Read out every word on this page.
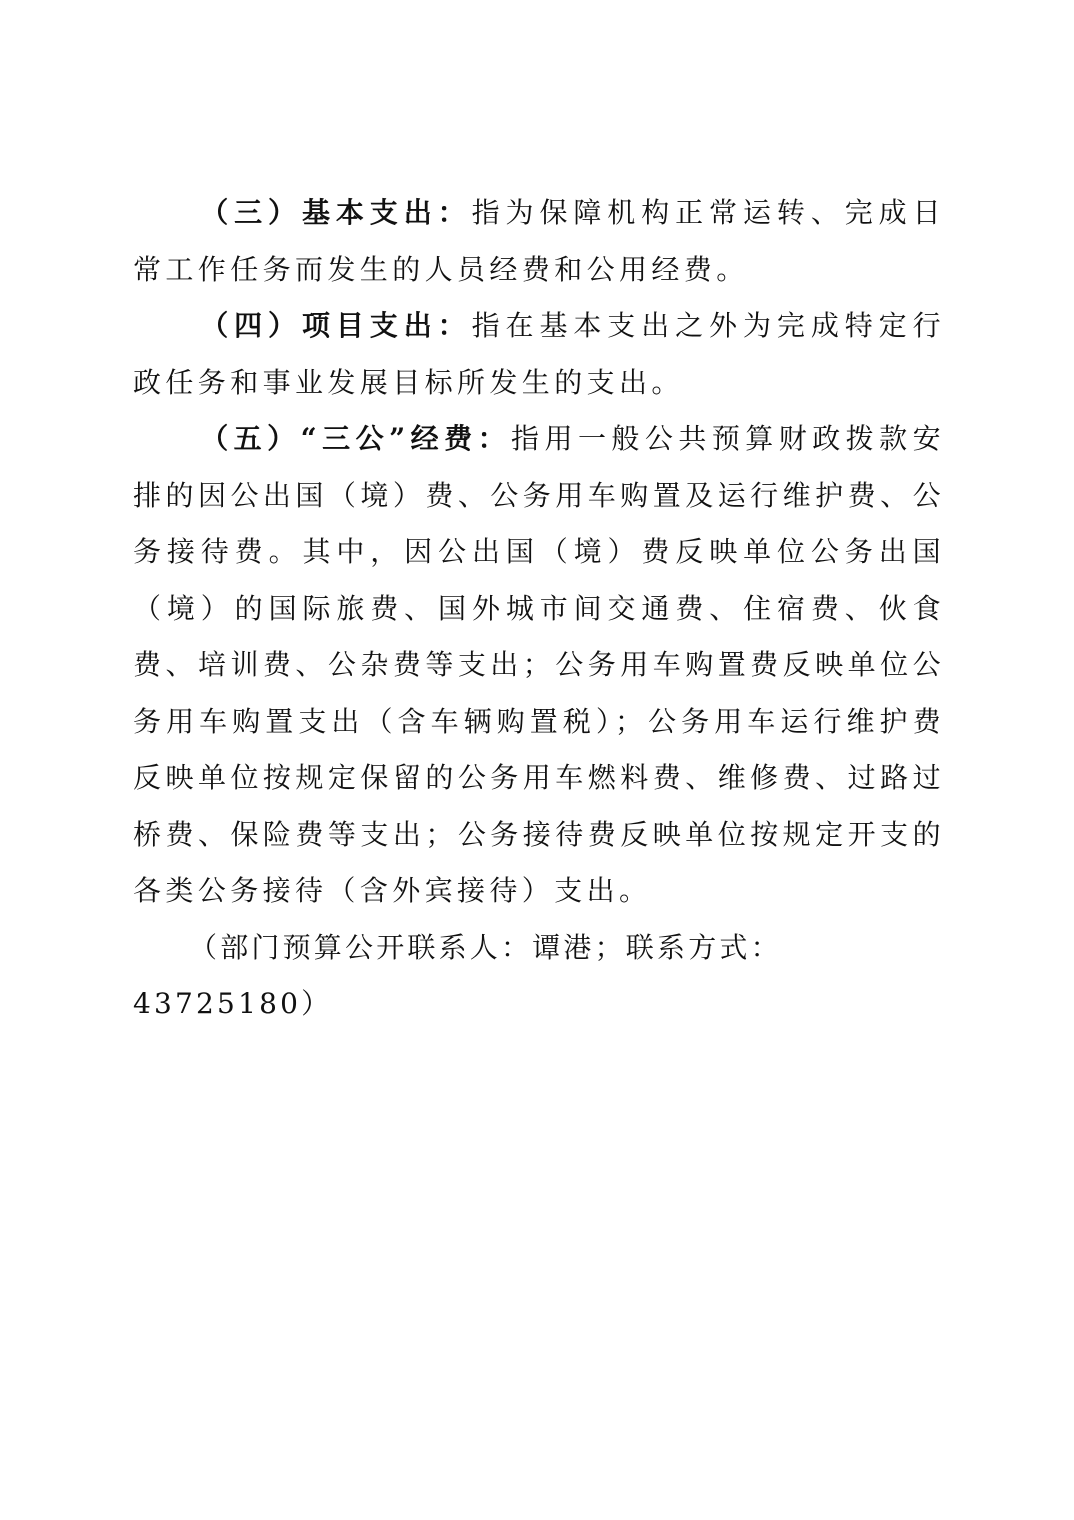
（三）基本支出：指为保障机构正常运转、完成日常工作任务而发生的人员经费和公用经费。

（四）项目支出：指在基本支出之外为完成特定行政任务和事业发展目标所发生的支出。

（五）“三公”经费：指用一般公共预算财政拨款安排的因公出国（境）费、公务用车购置及运行维护费、公务接待费。其中，因公出国（境）费反映单位公务出国（境）的国际旅费、国外城市间交通费、住宿费、伙食费、培训费、公杂费等支出；公务用车购置费反映单位公务用车购置支出（含车辆购置税）；公务用车运行维护费反映单位按规定保留的公务用车燃料费、维修费、过路过桥费、保险费等支出；公务接待费反映单位按规定开支的各类公务接待（含外宾接待）支出。

（部门预算公开联系人：谭港；联系方式：43725180）
